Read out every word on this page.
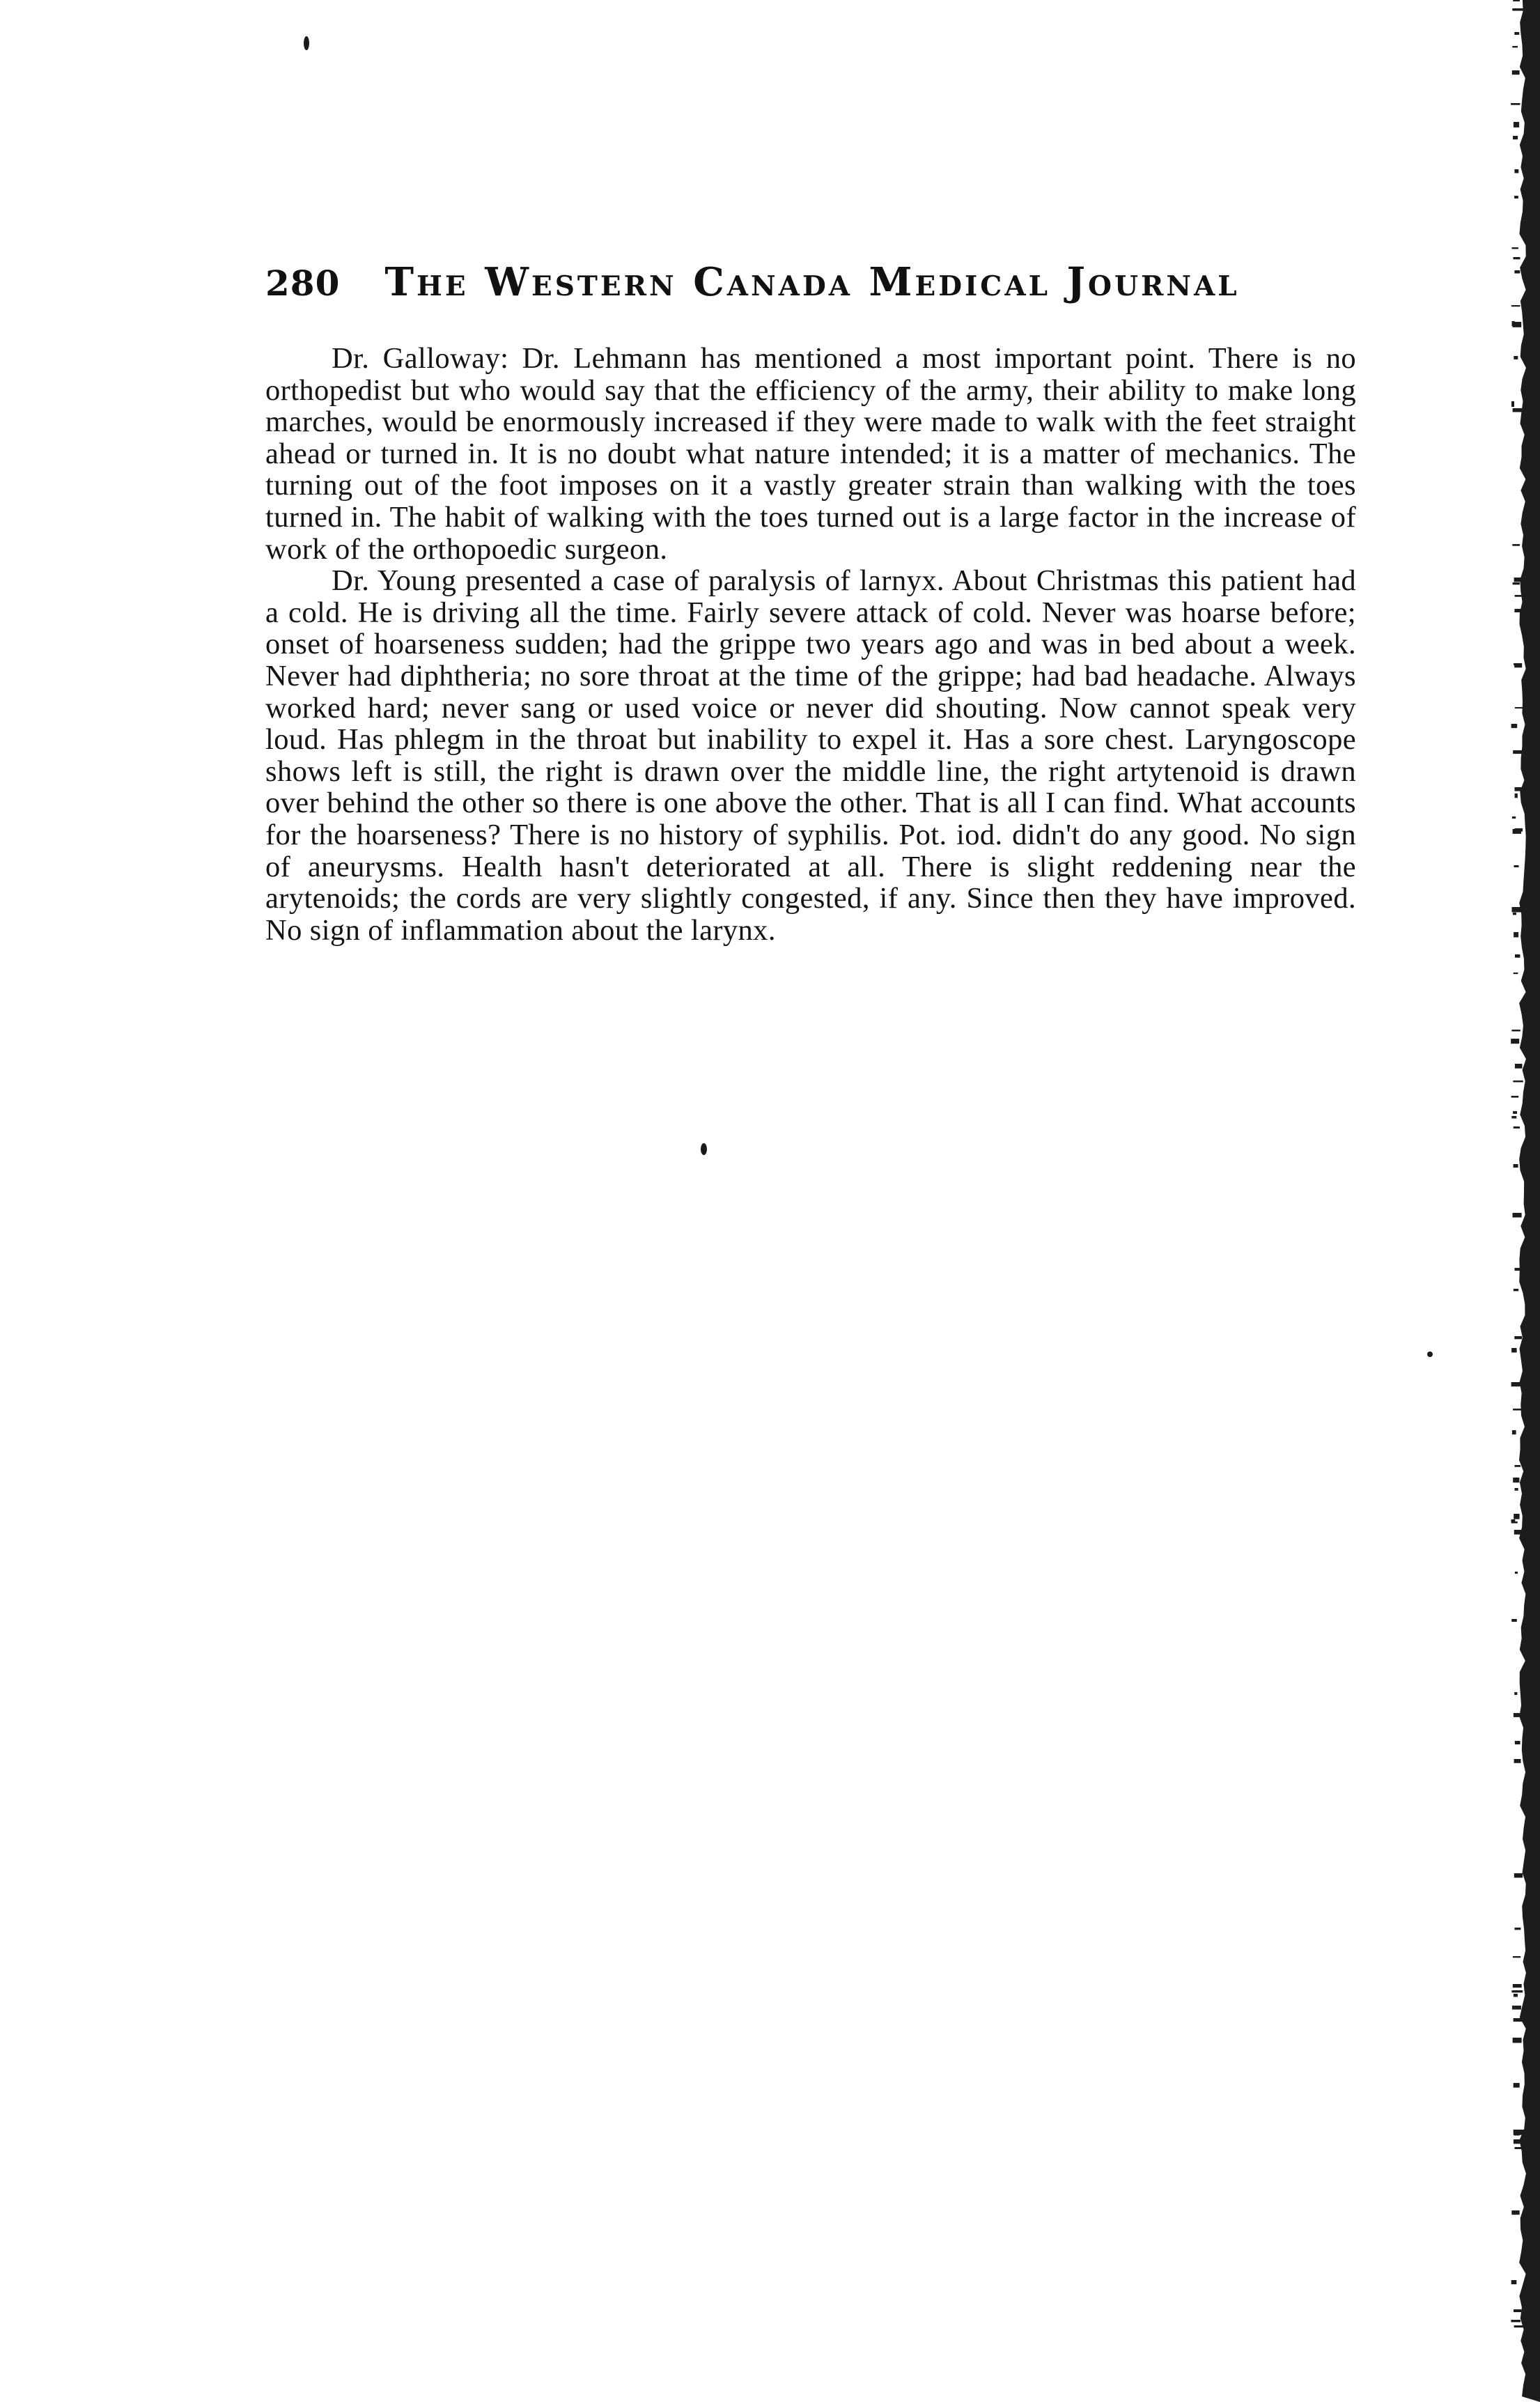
280 The Western Canada Medical Journal

Dr. Galloway: Dr. Lehmann has mentioned a most important point. There is no orthopedist but who would say that the efficiency of the army, their ability to make long marches, would be enormously increased if they were made to walk with the feet straight ahead or turned in. It is no doubt what nature intended; it is a matter of mechanics. The turning out of the foot imposes on it a vastly greater strain than walking with the toes turned in. The habit of walking with the toes turned out is a large factor in the increase of work of the orthopoedic surgeon.

Dr. Young presented a case of paralysis of larnyx. About Christmas this patient had a cold. He is driving all the time. Fairly severe attack of cold. Never was hoarse before; onset of hoarseness sudden; had the grippe two years ago and was in bed about a week. Never had diphtheria; no sore throat at the time of the grippe; had bad headache. Always worked hard; never sang or used voice or never did shouting. Now cannot speak very loud. Has phlegm in the throat but inability to expel it. Has a sore chest. Laryngoscope shows left is still, the right is drawn over the middle line, the right artytenoid is drawn over behind the other so there is one above the other. That is all I can find. What accounts for the hoarseness? There is no history of syphilis. Pot. iod. didn't do any good. No sign of aneurysms. Health hasn't deteriorated at all. There is slight reddening near the arytenoids; the cords are very slightly congested, if any. Since then they have improved. No sign of inflammation about the larynx.
